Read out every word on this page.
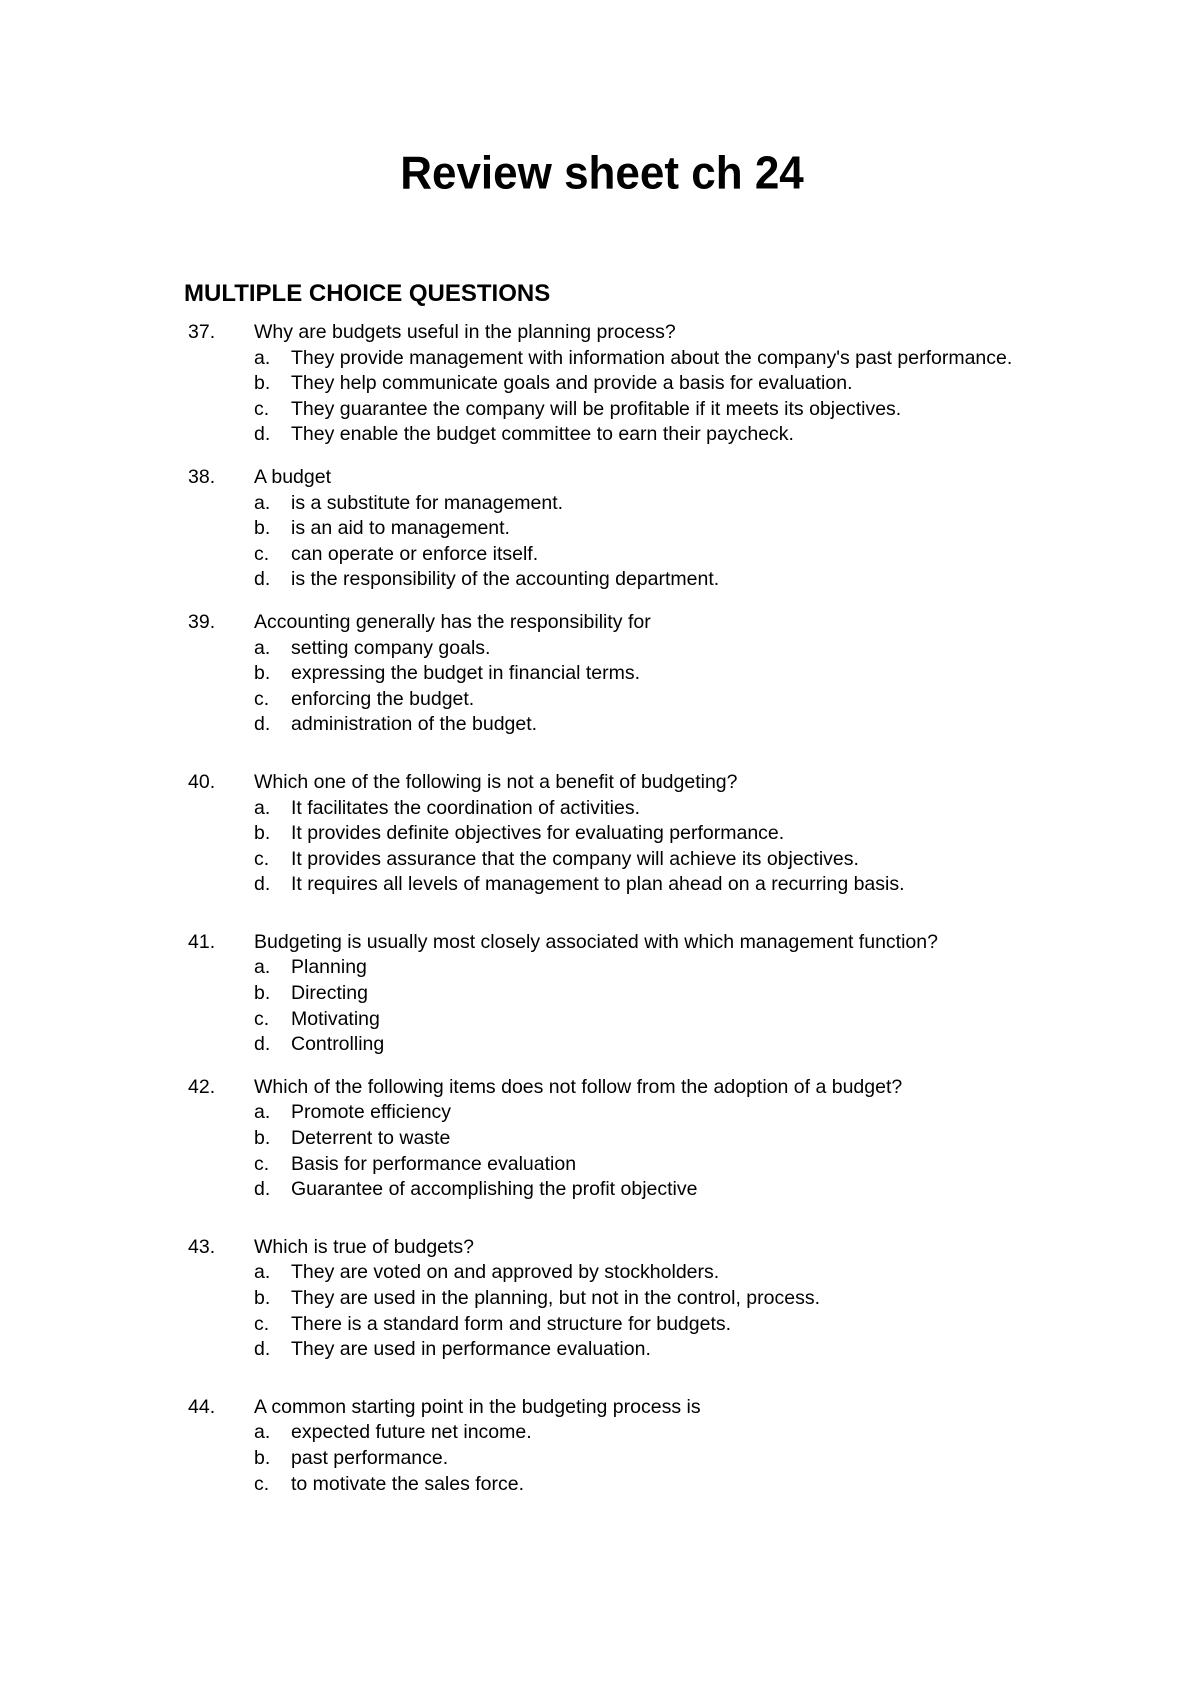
Review sheet ch 24
MULTIPLE CHOICE QUESTIONS
37.	Why are budgets useful in the planning process?
a.	They provide management with information about the company's past performance.
b.	They help communicate goals and provide a basis for evaluation.
c.	They guarantee the company will be profitable if it meets its objectives.
d.	They enable the budget committee to earn their paycheck.
38.	A budget
a.	is a substitute for management.
b.	is an aid to management.
c.	can operate or enforce itself.
d.	is the responsibility of the accounting department.
39.	Accounting generally has the responsibility for
a.	setting company goals.
b.	expressing the budget in financial terms.
c.	enforcing the budget.
d.	administration of the budget.
40.	Which one of the following is not a benefit of budgeting?
a.	It facilitates the coordination of activities.
b.	It provides definite objectives for evaluating performance.
c.	It provides assurance that the company will achieve its objectives.
d.	It requires all levels of management to plan ahead on a recurring basis.
41.	Budgeting is usually most closely associated with which management function?
a.	Planning
b.	Directing
c.	Motivating
d.	Controlling
42.	Which of the following items does not follow from the adoption of a budget?
a.	Promote efficiency
b.	Deterrent to waste
c.	Basis for performance evaluation
d.	Guarantee of accomplishing the profit objective
43.	Which is true of budgets?
a.	They are voted on and approved by stockholders.
b.	They are used in the planning, but not in the control, process.
c.	There is a standard form and structure for budgets.
d.	They are used in performance evaluation.
44.	A common starting point in the budgeting process is
a.	expected future net income.
b.	past performance.
c.	to motivate the sales force.
